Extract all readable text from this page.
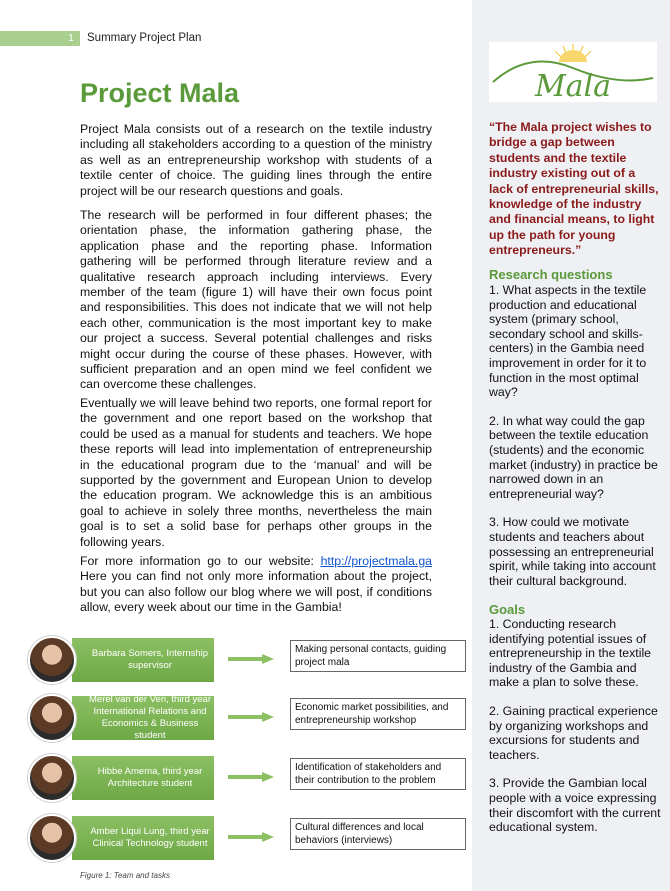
1	Summary Project Plan
Project Mala

Project Mala consists out of a research on the textile industry including all stakeholders according to a question of the ministry as well as an entrepreneurship workshop with students of a textile center of choice. The guiding lines through the entire project will be our research questions and goals.

The research will be performed in four different phases; the orientation phase, the information gathering phase, the application phase and the reporting phase. Information gathering will be performed through literature review and a qualitative research approach including interviews. Every member of the team (figure 1) will have their own focus point and responsibilities. This does not indicate that we will not help each other, communication is the most important key to make our project a success. Several potential challenges and risks might occur during the course of these phases. However, with sufficient preparation and an open mind we feel confident we can overcome these challenges.

Eventually we will leave behind two reports, one formal report for the government and one report based on the workshop that could be used as a manual for students and teachers. We hope these reports will lead into implementation of entrepreneurship in the educational program due to the ‘manual’ and will be supported by the government and European Union to develop the education program. We acknowledge this is an ambitious goal to achieve in solely three months, nevertheless the main goal is to set a solid base for perhaps other groups in the following years.

For more information go to our website: http://projectmala.ga Here you can find not only more information about the project, but you can also follow our blog where we will post, if conditions allow, every week about our time in the Gambia!

Barbara Somers, Internship supervisor
Making personal contacts, guiding project mala
Merel van der Ven, third year International Relations and Economics & Business student
Economic market possibilities, and entrepreneurship workshop
Hibbe Amema, third year Architecture student
Identification of stakeholders and their contribution to the problem
Amber Liqui Lung, third year Clinical Technology student
Cultural differences and local behaviors (interviews)
Figure 1: Team and tasks
Mala

“The Mala project wishes to bridge a gap between students and the textile industry existing out of a lack of entrepreneurial skills, knowledge of the industry and financial means, to light up the path for young entrepreneurs.”

Research questions

1. What aspects in the textile production and educational system (primary school, secondary school and skills-centers) in the Gambia need improvement in order for it to function in the most optimal way?

2. In what way could the gap between the textile education (students) and the economic market (industry) in practice be narrowed down in an entrepreneurial way?

3. How could we motivate students and teachers about possessing an entrepreneurial spirit, while taking into account their cultural background.

Goals

1. Conducting research identifying potential issues of entrepreneurship in the textile industry of the Gambia and make a plan to solve these.

2. Gaining practical experience by organizing workshops and excursions for students and teachers.

3. Provide the Gambian local people with a voice expressing their discomfort with the current educational system.
